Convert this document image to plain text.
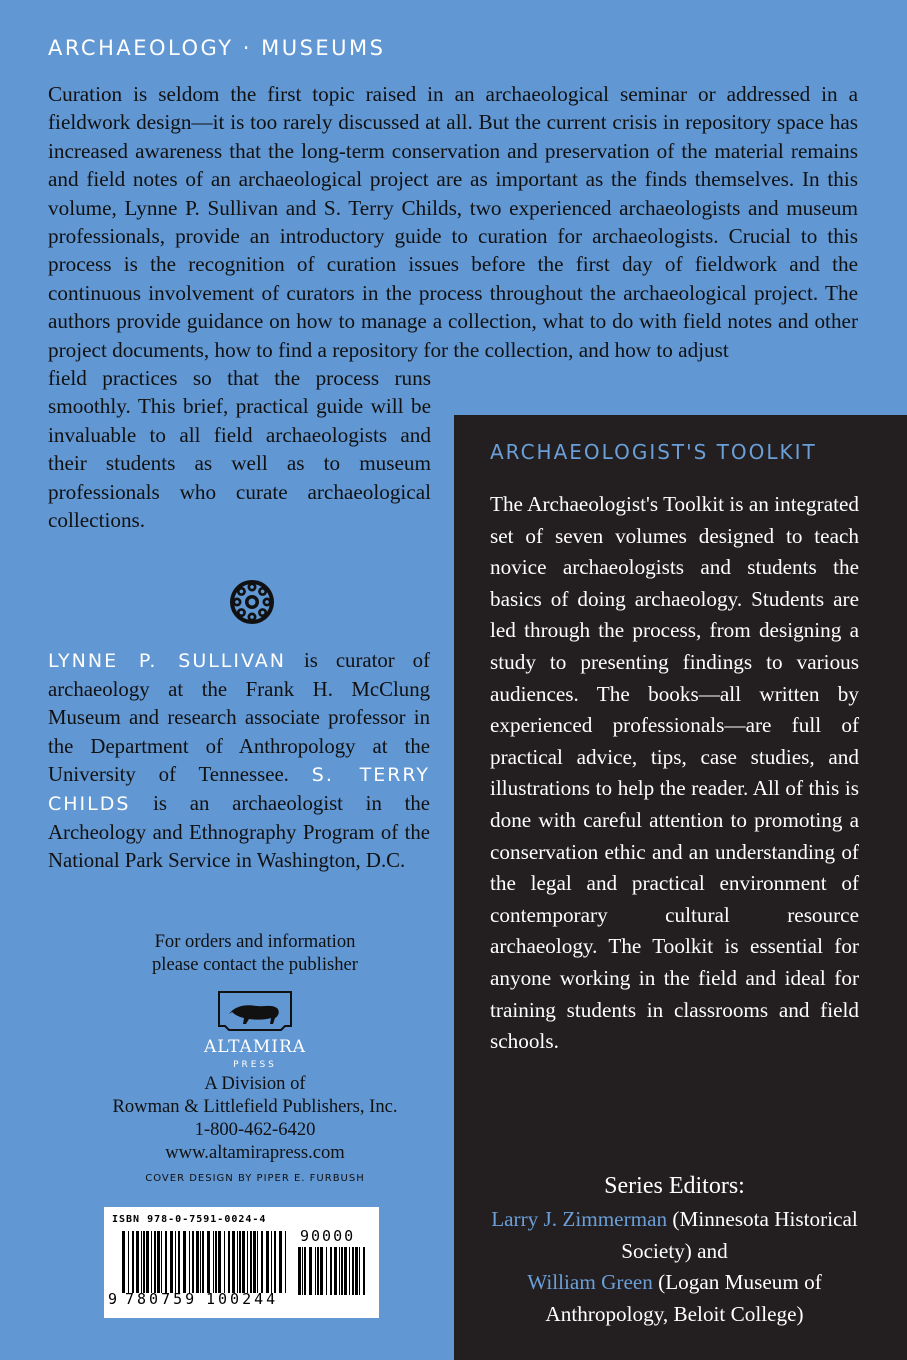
ARCHAEOLOGY · MUSEUMS

Curation is seldom the first topic raised in an archaeological seminar or addressed in a fieldwork design—it is too rarely discussed at all. But the current crisis in repository space has increased awareness that the long-term conservation and preservation of the material remains and field notes of an archaeological project are as important as the finds themselves. In this volume, Lynne P. Sullivan and S. Terry Childs, two experienced archaeologists and museum professionals, provide an introductory guide to curation for archaeologists. Crucial to this process is the recognition of curation issues before the first day of fieldwork and the continuous involvement of curators in the process throughout the archaeological project. The authors provide guidance on how to manage a collection, what to do with field notes and other project documents, how to find a repository for the collection, and how to adjust
field practices so that the process runs smoothly. This brief, practical guide will be invaluable to all field archaeologists and their students as well as to museum professionals who curate archaeological collections.

LYNNE P. SULLIVAN is curator of archaeology at the Frank H. McClung Museum and research associate professor in the Department of Anthropology at the University of Tennessee. S. TERRY CHILDS is an archaeologist in the Archeology and Ethnography Program of the National Park Service in Washington, D.C.

For orders and information
please contact the publisher
ALTAMIRA
PRESS
A Division of
Rowman & Littlefield Publishers, Inc.
1-800-462-6420
www.altamirapress.com
COVER DESIGN BY PIPER E. FURBUSH
ISBN 978-0-7591-0024-4
9 780759 100244
90000
ARCHAEOLOGIST'S TOOLKIT

The Archaeologist's Toolkit is an integrated set of seven volumes designed to teach novice archaeologists and students the basics of doing archaeology. Students are led through the process, from designing a study to presenting findings to various audiences. The books—all written by experienced professionals—are full of practical advice, tips, case studies, and illustrations to help the reader. All of this is done with careful attention to promoting a conservation ethic and an understanding of the legal and practical environment of contemporary cultural resource archaeology. The Toolkit is essential for anyone working in the field and ideal for training students in classrooms and field schools.

Series Editors:
Larry J. Zimmerman (Minnesota Historical Society) and
William Green (Logan Museum of Anthropology, Beloit College)
